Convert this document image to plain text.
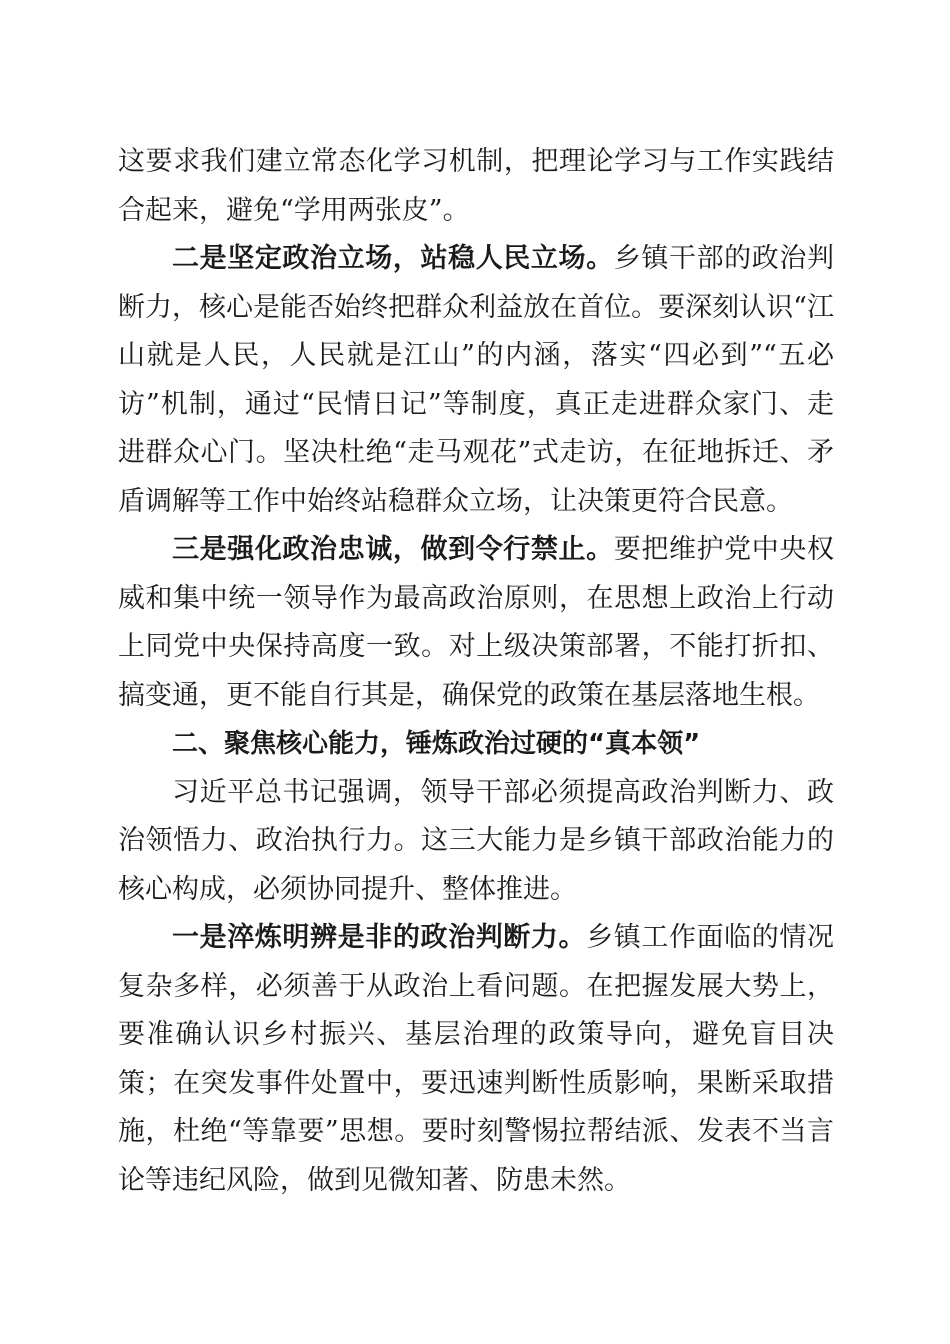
这要求我们建立常态化学习机制，把理论学习与工作实践结合起来，避免“学用两张皮”。

二是坚定政治立场，站稳人民立场。乡镇干部的政治判断力，核心是能否始终把群众利益放在首位。要深刻认识“江山就是人民，人民就是江山”的内涵，落实“四必到”“五必访”机制，通过“民情日记”等制度，真正走进群众家门、走进群众心门。坚决杜绝“走马观花”式走访，在征地拆迁、矛盾调解等工作中始终站稳群众立场，让决策更符合民意。

三是强化政治忠诚，做到令行禁止。要把维护党中央权威和集中统一领导作为最高政治原则，在思想上政治上行动上同党中央保持高度一致。对上级决策部署，不能打折扣、搞变通，更不能自行其是，确保党的政策在基层落地生根。

二、聚焦核心能力，锤炼政治过硬的“真本领”

习近平总书记强调，领导干部必须提高政治判断力、政治领悟力、政治执行力。这三大能力是乡镇干部政治能力的核心构成，必须协同提升、整体推进。

一是淬炼明辨是非的政治判断力。乡镇工作面临的情况复杂多样，必须善于从政治上看问题。在把握发展大势上，要准确认识乡村振兴、基层治理的政策导向，避免盲目决策；在突发事件处置中，要迅速判断性质影响，果断采取措施，杜绝“等靠要”思想。要时刻警惕拉帮结派、发表不当言论等违纪风险，做到见微知著、防患未然。
